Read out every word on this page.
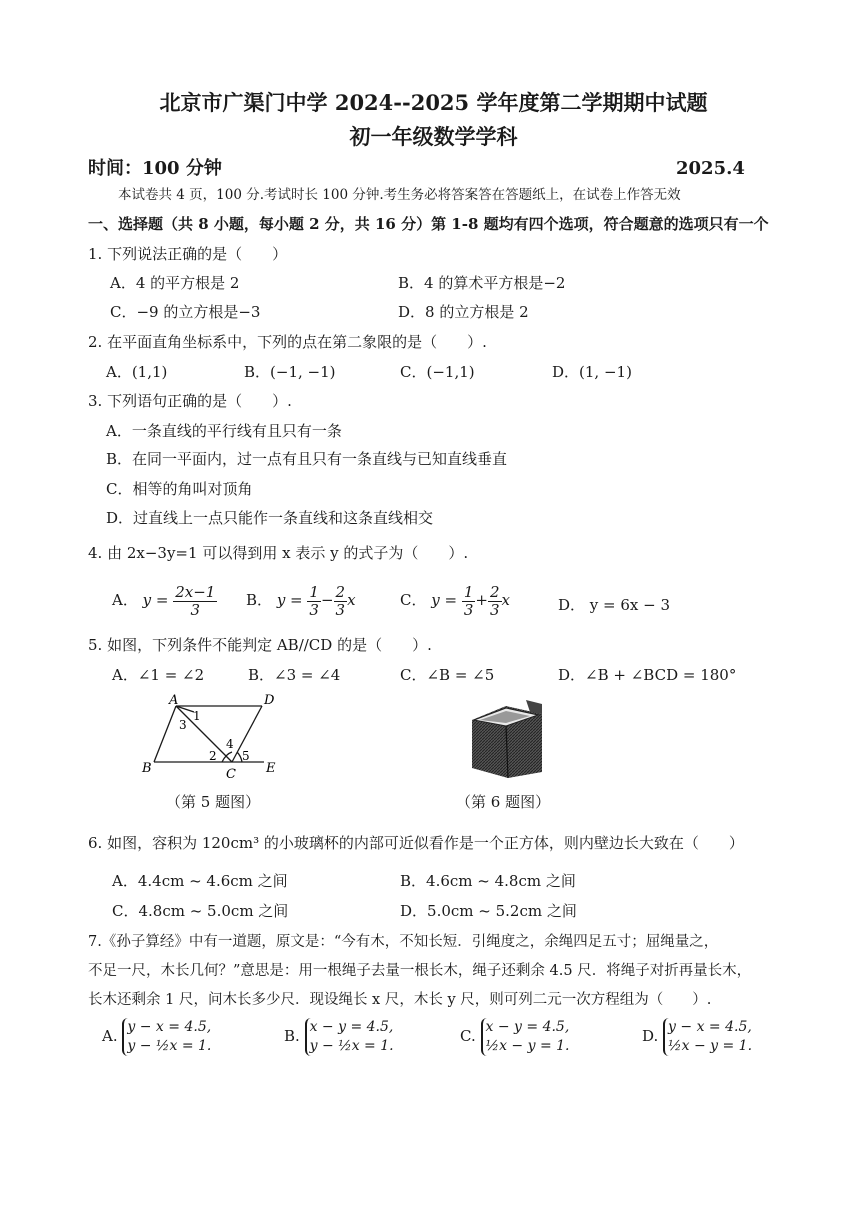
北京市广渠门中学 2024--2025 学年度第二学期期中试题
初一年级数学学科
时间：100 分钟	2025.4
本试卷共 4 页，100 分.考试时长 100 分钟.考生务必将答案答在答题纸上，在试卷上作答无效
一、选择题（共 8 小题，每小题 2 分，共 16 分）第 1-8 题均有四个选项，符合题意的选项只有一个
1. 下列说法正确的是（　　）
A．4 的平方根是 2	B．4 的算术平方根是−2
C．−9 的立方根是−3	D．8 的立方根是 2
2. 在平面直角坐标系中，下列的点在第二象限的是（　　）.
A．(1,1)	B．(−1, −1)	C．(−1,1)	D．(1, −1)
3. 下列语句正确的是（　　）.
A．一条直线的平行线有且只有一条
B．在同一平面内，过一点有且只有一条直线与已知直线垂直
C．相等的角叫对顶角
D．过直线上一点只能作一条直线和这条直线相交
4. 由 2x−3y=1 可以得到用 x 表示 y 的式子为（　　）.
A． $y = \frac{2x-1}{3}$ B． $y = \frac{1}{3} - \frac{2}{3}$ x	C． $y = \frac{1}{3} + \frac{2}{3}$ x	D． y = 6x − 3
5. 如图，下列条件不能判定 AB//CD 的是（　　）.
A．∠1 = ∠2	B．∠3 = ∠4	C．∠B = ∠5	D．∠B + ∠BCD = 180°
A	D
1
3
2
4
5
B	C E
（第 5 题图）	（第 6 题图）
6. 如图，容积为 120cm³ 的小玻璃杯的内部可近似看作是一个正方体，则内壁边长大致在（　　）
A．4.4cm ~ 4.6cm 之间	B．4.6cm ~ 4.8cm 之间
C．4.8cm ~ 5.0cm 之间	D．5.0cm ~ 5.2cm 之间
7.《孙子算经》中有一道题，原文是：“今有木，不知长短．引绳度之，余绳四足五寸；屈绳量之，
不足一尺，木长几何？”意思是：用一根绳子去量一根长木，绳子还剩余 4.5 尺．将绳子对折再量长木，
长木还剩余 1 尺，问木长多少尺．现设绳长 x 尺，木长 y 尺，则可列二元一次方程组为（　　）.
A. y − x = 4.5,
y − ½x = 1.
B. x − y = 4.5,
y − ½x = 1.
C. x − y = 4.5,
½x − y = 1.
D. y − x = 4.5,
½x − y = 1.
